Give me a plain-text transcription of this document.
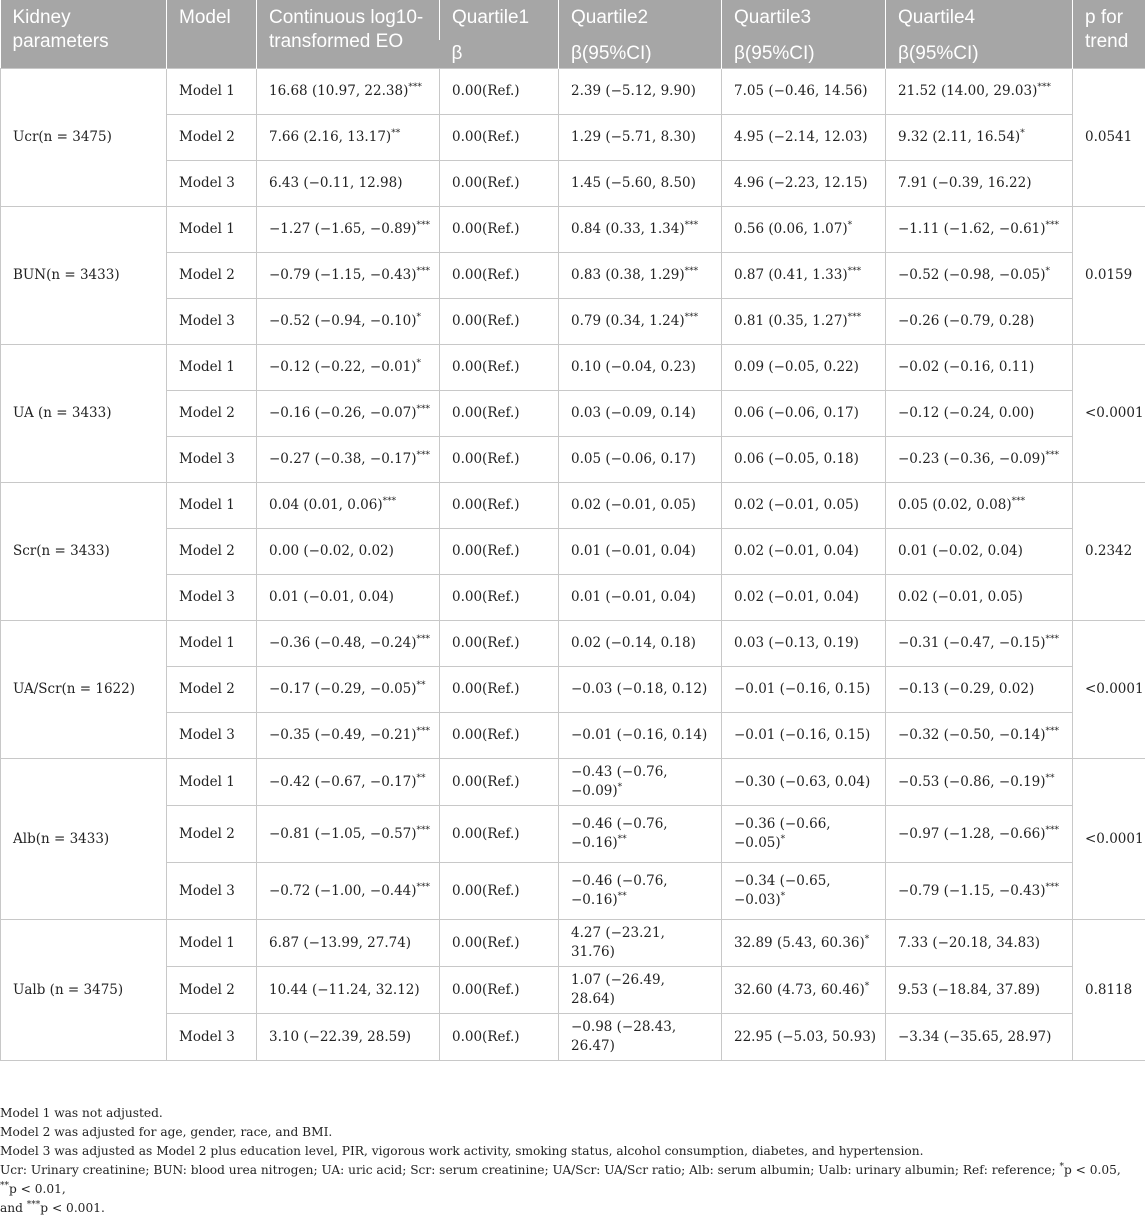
Kidney parameters	Model	Continuous log10-transformed EO	Quartile1	Quartile2	Quartile3	Quartile4	p for trend
			β	β(95%CI)	β(95%CI)	β(95%CI)	
Ucr(n = 3475)	Model 1	16.68 (10.97, 22.38)***	0.00(Ref.)	2.39 (−5.12, 9.90)	7.05 (−0.46, 14.56)	21.52 (14.00, 29.03)***	0.0541
	Model 2	7.66 (2.16, 13.17)**	0.00(Ref.)	1.29 (−5.71, 8.30)	4.95 (−2.14, 12.03)	9.32 (2.11, 16.54)*
	Model 3	6.43 (−0.11, 12.98)	0.00(Ref.)	1.45 (−5.60, 8.50)	4.96 (−2.23, 12.15)	7.91 (−0.39, 16.22)	
BUN(n = 3433)	Model 1	−1.27 (−1.65, −0.89)***	0.00(Ref.)	0.84 (0.33, 1.34)***	0.56 (0.06, 1.07)*	−1.11 (−1.62, −0.61)***	0.0159
	Model 2	−0.79 (−1.15, −0.43)***	0.00(Ref.)	0.83 (0.38, 1.29)***	0.87 (0.41, 1.33)***	−0.52 (−0.98, −0.05)*
	Model 3	−0.52 (−0.94, −0.10)*	0.00(Ref.)	0.79 (0.34, 1.24)***	0.81 (0.35, 1.27)***	−0.26 (−0.79, 0.28)	
UA (n = 3433)	Model 1	−0.12 (−0.22, −0.01)*	0.00(Ref.)	0.10 (−0.04, 0.23)	0.09 (−0.05, 0.22)	−0.02 (−0.16, 0.11)	<0.0001
	Model 2	−0.16 (−0.26, −0.07)***	0.00(Ref.)	0.03 (−0.09, 0.14)	0.06 (−0.06, 0.17)	−0.12 (−0.24, 0.00)	
	Model 3	−0.27 (−0.38, −0.17)***	0.00(Ref.)	0.05 (−0.06, 0.17)	0.06 (−0.05, 0.18)	−0.23 (−0.36, −0.09)***
Scr(n = 3433)	Model 1	0.04 (0.01, 0.06)***	0.00(Ref.)	0.02 (−0.01, 0.05)	0.02 (−0.01, 0.05)	0.05 (0.02, 0.08)***	0.2342
	Model 2	0.00 (−0.02, 0.02)	0.00(Ref.)	0.01 (−0.01, 0.04)	0.02 (−0.01, 0.04)	0.01 (−0.02, 0.04)	
	Model 3	0.01 (−0.01, 0.04)	0.00(Ref.)	0.01 (−0.01, 0.04)	0.02 (−0.01, 0.04)	0.02 (−0.01, 0.05)	
UA/Scr(n = 1622)	Model 1	−0.36 (−0.48, −0.24)***	0.00(Ref.)	0.02 (−0.14, 0.18)	0.03 (−0.13, 0.19)	−0.31 (−0.47, −0.15)***	<0.0001
	Model 2	−0.17 (−0.29, −0.05)**	0.00(Ref.)	−0.03 (−0.18, 0.12)	−0.01 (−0.16, 0.15)	−0.13 (−0.29, 0.02)	
	Model 3	−0.35 (−0.49, −0.21)***	0.00(Ref.)	−0.01 (−0.16, 0.14)	−0.01 (−0.16, 0.15)	−0.32 (−0.50, −0.14)***
Alb(n = 3433)	Model 1	−0.42 (−0.67, −0.17)**	0.00(Ref.)	−0.43 (−0.76, −0.09)*	−0.30 (−0.63, 0.04)	−0.53 (−0.86, −0.19)**	<0.0001
	Model 2	−0.81 (−1.05, −0.57)***	0.00(Ref.)	−0.46 (−0.76, −0.16)**	−0.36 (−0.66, −0.05)*	−0.97 (−1.28, −0.66)***
	Model 3	−0.72 (−1.00, −0.44)***	0.00(Ref.)	−0.46 (−0.76, −0.16)**	−0.34 (−0.65, −0.03)*	−0.79 (−1.15, −0.43)***
Ualb (n = 3475)	Model 1	6.87 (−13.99, 27.74)	0.00(Ref.)	4.27 (−23.21, 31.76)	32.89 (5.43, 60.36)*	7.33 (−20.18, 34.83)	0.8118
	Model 2	10.44 (−11.24, 32.12)	0.00(Ref.)	1.07 (−26.49, 28.64)	32.60 (4.73, 60.46)*	9.53 (−18.84, 37.89)	
	Model 3	3.10 (−22.39, 28.59)	0.00(Ref.)	−0.98 (−28.43, 26.47)	22.95 (−5.03, 50.93)	−3.34 (−35.65, 28.97)	

Model 1 was not adjusted.

Model 2 was adjusted for age, gender, race, and BMI.

Model 3 was adjusted as Model 2 plus education level, PIR, vigorous work activity, smoking status, alcohol consumption, diabetes, and hypertension.

Ucr: Urinary creatinine; BUN: blood urea nitrogen; UA: uric acid; Scr: serum creatinine; UA/Scr: UA/Scr ratio; Alb: serum albumin; Ualb: urinary albumin; Ref: reference; *p < 0.05, **p < 0.01,
and ***p < 0.001.
